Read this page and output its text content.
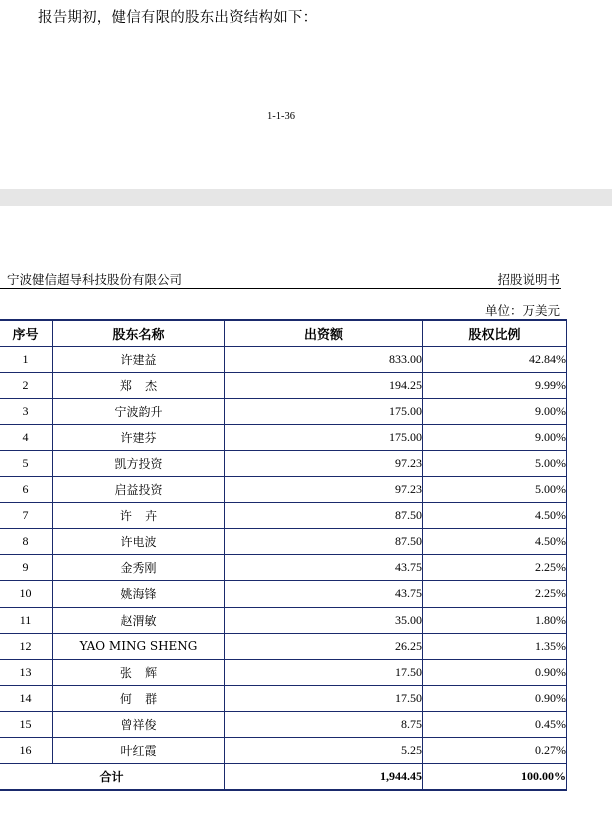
报告期初，健信有限的股东出资结构如下：
1-1-36
宁波健信超导科技股份有限公司	招股说明书
单位：万美元
序号	股东名称	出资额	股权比例
1	许建益	833.00	42.84%
2	郑杰	194.25	9.99%
3	宁波韵升	175.00	9.00%
4	许建芬	175.00	9.00%
5	凯方投资	97.23	5.00%
6	启益投资	97.23	5.00%
7	许卉	87.50	4.50%
8	许电波	87.50	4.50%
9	金秀刚	43.75	2.25%
10	姚海锋	43.75	2.25%
11	赵渭敏	35.00	1.80%
12	YAO MING SHENG	26.25	1.35%
13	张辉	17.50	0.90%
14	何群	17.50	0.90%
15	曾祥俊	8.75	0.45%
16	叶红霞	5.25	0.27%
合计		1,944.45	100.00%
